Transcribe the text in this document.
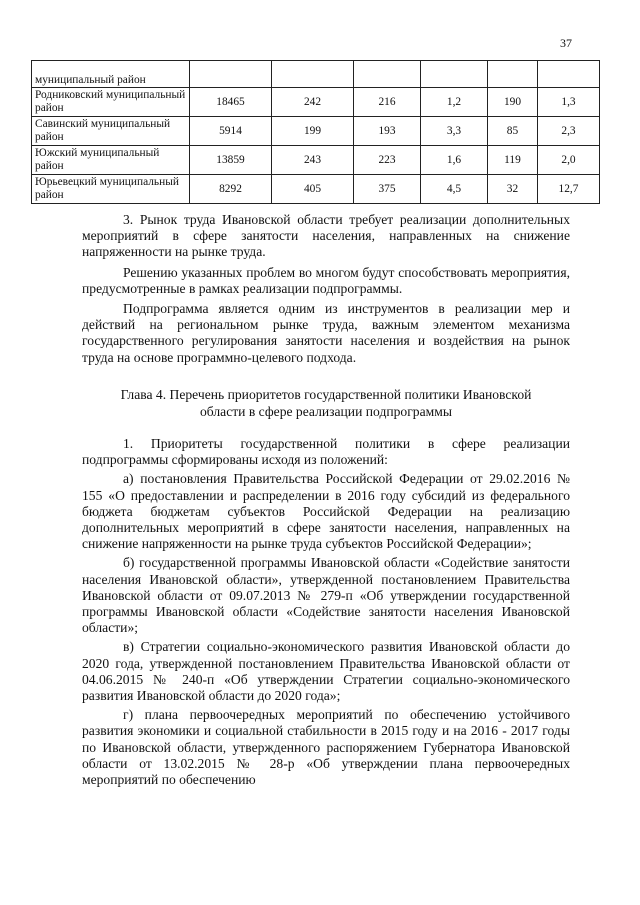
37
муниципальный район						
Родниковский муниципальный район	18465	242	216	1,2	190	1,3
Савинский муниципальный район	5914	199	193	3,3	85	2,3
Южский муниципальный район	13859	243	223	1,6	119	2,0
Юрьевецкий муниципальный район	8292	405	375	4,5	32	12,7

3. Рынок труда Ивановской области требует реализации дополнительных мероприятий в сфере занятости населения, направленных на снижение напряженности на рынке труда.

Решению указанных проблем во многом будут способствовать мероприятия, предусмотренные в рамках реализации подпрограммы.

Подпрограмма является одним из инструментов в реализации мер и действий на региональном рынке труда, важным элементом механизма государственного регулирования занятости населения и воздействия на рынок труда на основе программно-целевого подхода.

Глава 4. Перечень приоритетов государственной политики Ивановской
области в сфере реализации подпрограммы

1. Приоритеты государственной политики в сфере реализации подпрограммы сформированы исходя из положений:

а) постановления Правительства Российской Федерации от 29.02.2016 № 155 «О предоставлении и распределении в 2016 году субсидий из федерального бюджета бюджетам субъектов Российской Федерации на реализацию дополнительных мероприятий в сфере занятости населения, направленных на снижение напряженности на рынке труда субъектов Российской Федерации»;

б) государственной программы Ивановской области «Содействие занятости населения Ивановской области», утвержденной постановлением Правительства Ивановской области от 09.07.2013 № 279-п «Об утверждении государственной программы Ивановской области «Содействие занятости населения Ивановской области»;

в) Стратегии социально-экономического развития Ивановской области до 2020 года, утвержденной постановлением Правительства Ивановской области от 04.06.2015 № 240-п «Об утверждении Стратегии социально-экономического развития Ивановской области до 2020 года»;

г) плана первоочередных мероприятий по обеспечению устойчивого развития экономики и социальной стабильности в 2015 году и на 2016 - 2017 годы по Ивановской области, утвержденного распоряжением Губернатора Ивановской области от 13.02.2015 № 28-р «Об утверждении плана первоочередных мероприятий по обеспечению
